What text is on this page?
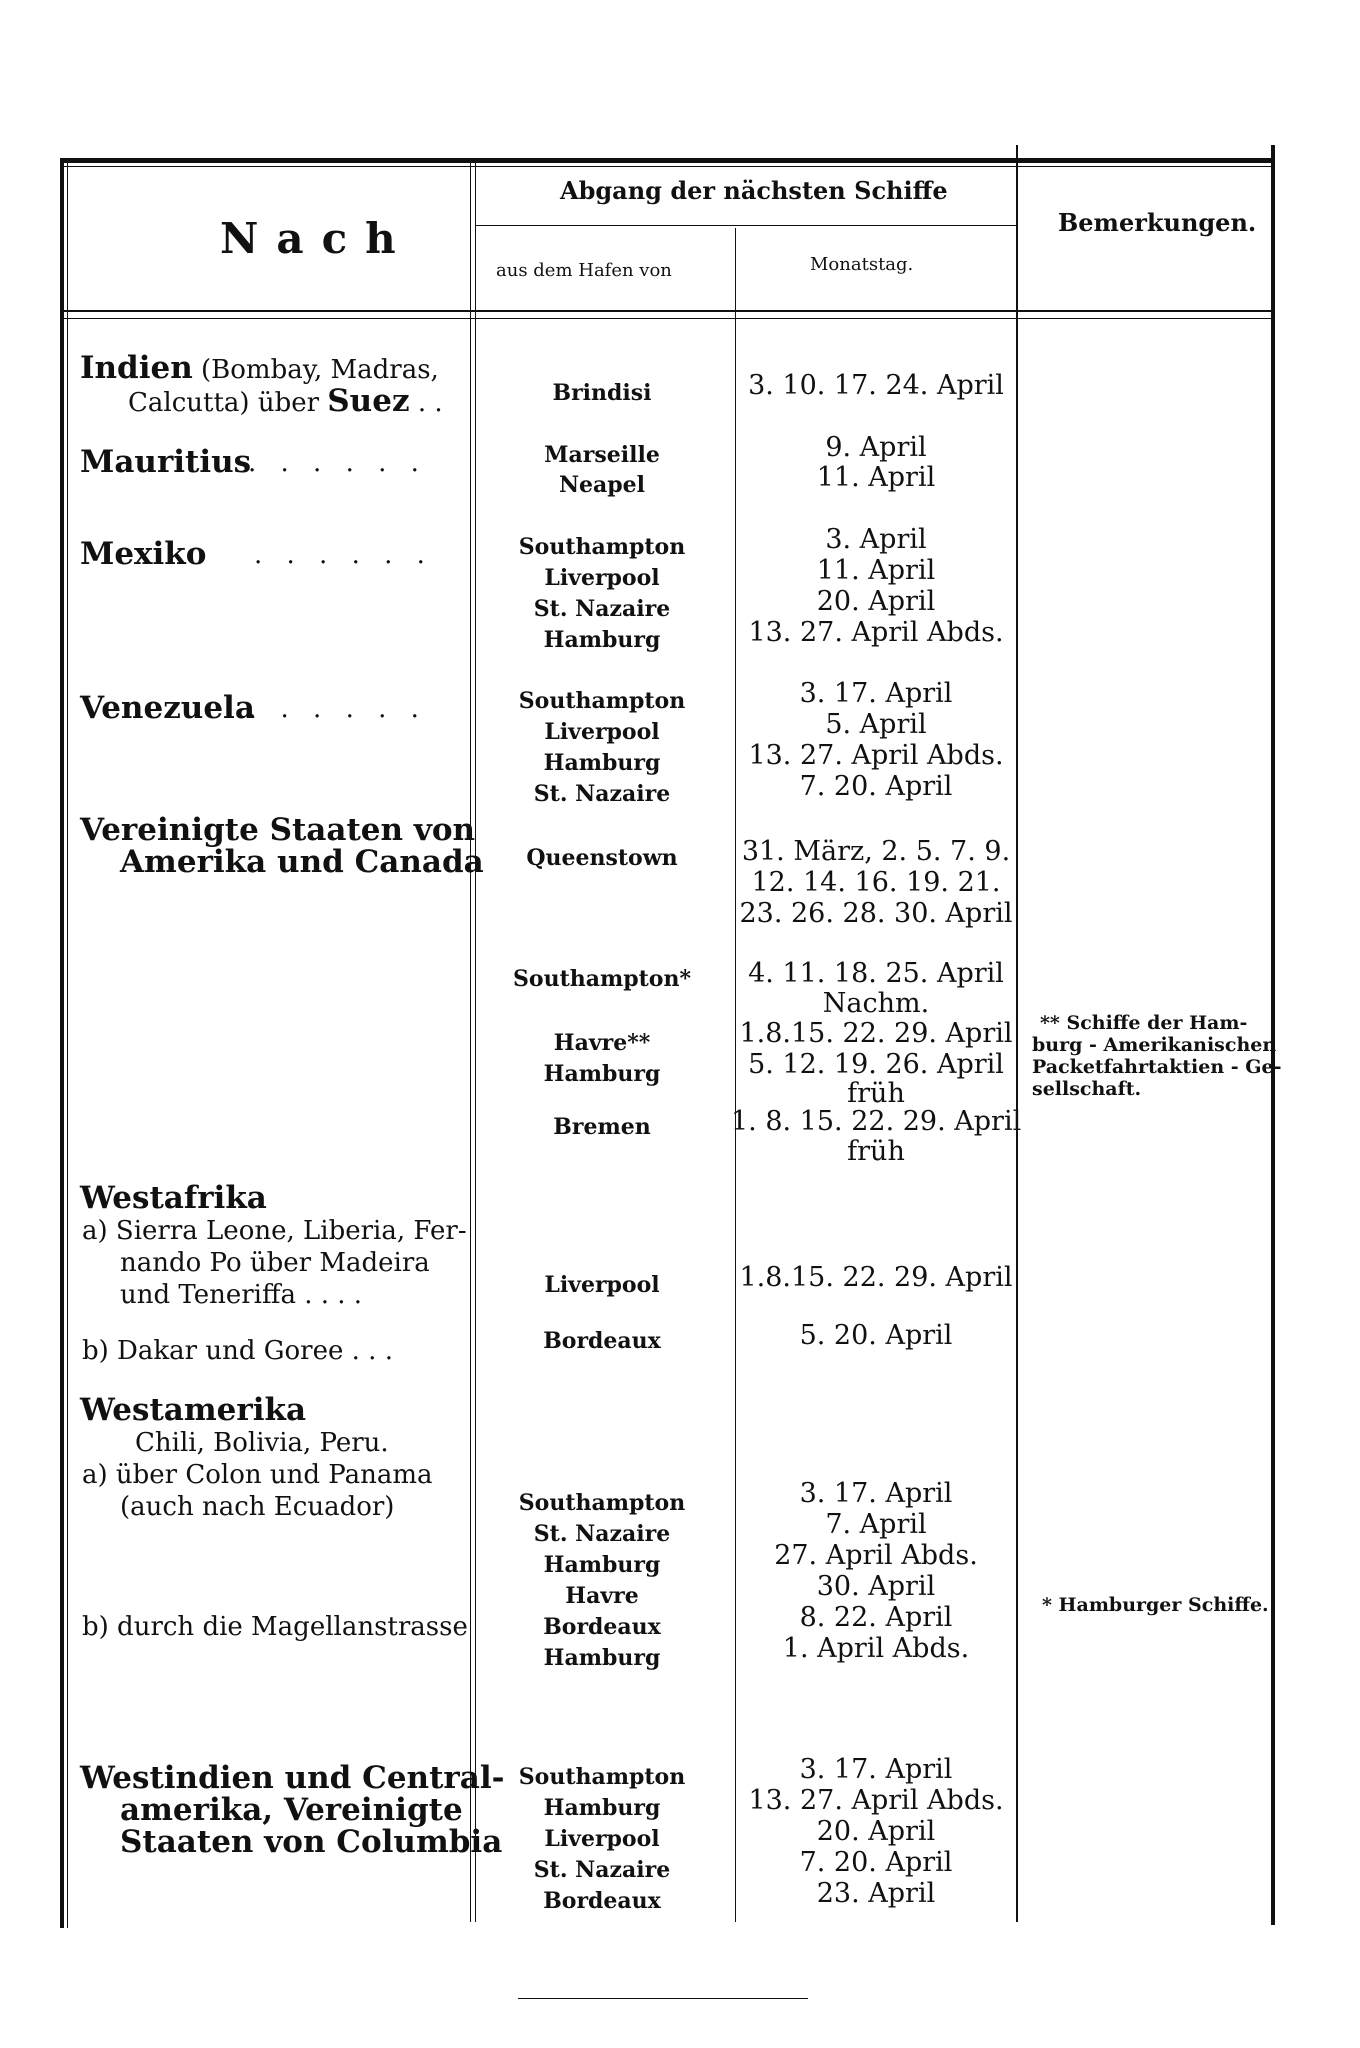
Nach
Abgang der nächsten Schiffe
aus dem Hafen von	Monatstag.
Bemerkungen.
Indien (Bombay, Madras,
Calcutta) über Suez . .
Mauritius
. . . . . .
Mexiko . . . . . .
Venezuela
. . . . . .
Vereinigte Staaten von
Amerika und Canada
Westafrika
a) Sierra Leone, Liberia, Fer-
nando Po über Madeira
und Teneriffa . . . .
b) Dakar und Goree . . .
Westamerika
Chili, Bolivia, Peru.
a) über Colon und Panama
(auch nach Ecuador)
b) durch die Magellanstrasse
Westindien und Central-
amerika, Vereinigte
Staaten von Columbia
Brindisi
Marseille
Neapel
Southampton
Liverpool
St. Nazaire
Hamburg
Southampton
Liverpool
Hamburg
St. Nazaire
Queenstown
Southampton*
Havre**
Hamburg
Bremen
Liverpool
Bordeaux
Southampton
St. Nazaire
Hamburg
Havre
Bordeaux
Hamburg
Southampton
Hamburg
Liverpool
St. Nazaire
Bordeaux
3. 10. 17. 24. April
9. April
11. April
3. April
11. April
20. April
13. 27. April Abds.
3. 17. April
5. April
13. 27. April Abds.
7. 20. April
31. März, 2. 5. 7. 9.
12. 14. 16. 19. 21.
23. 26. 28. 30. April
4. 11. 18. 25. April
Nachm.
1.8.15. 22. 29. April
5. 12. 19. 26. April
früh
1. 8. 15. 22. 29. April
früh
1.8.15. 22. 29. April
5. 20. April
3. 17. April
7. April
27. April Abds.
30. April
8. 22. April
1. April Abds.
3. 17. April
13. 27. April Abds.
20. April
7. 20. April
23. April
** Schiffe der Ham-
burg - Amerikanischen
Packetfahrtaktien - Ge-
sellschaft.
* Hamburger Schiffe.
